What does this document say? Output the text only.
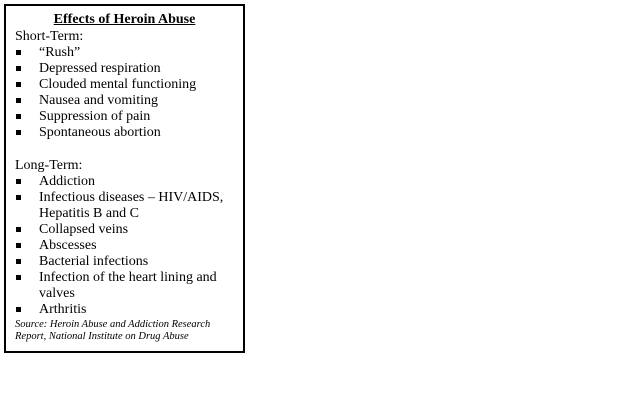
Effects of Heroin Abuse
Short-Term:
“Rush”
Depressed respiration
Clouded mental functioning
Nausea and vomiting
Suppression of pain
Spontaneous abortion
Long-Term:
Addiction
Infectious diseases – HIV/AIDS, Hepatitis B and C
Collapsed veins
Abscesses
Bacterial infections
Infection of the heart lining and valves
Arthritis
Source: Heroin Abuse and Addiction Research Report, National Institute on Drug Abuse
